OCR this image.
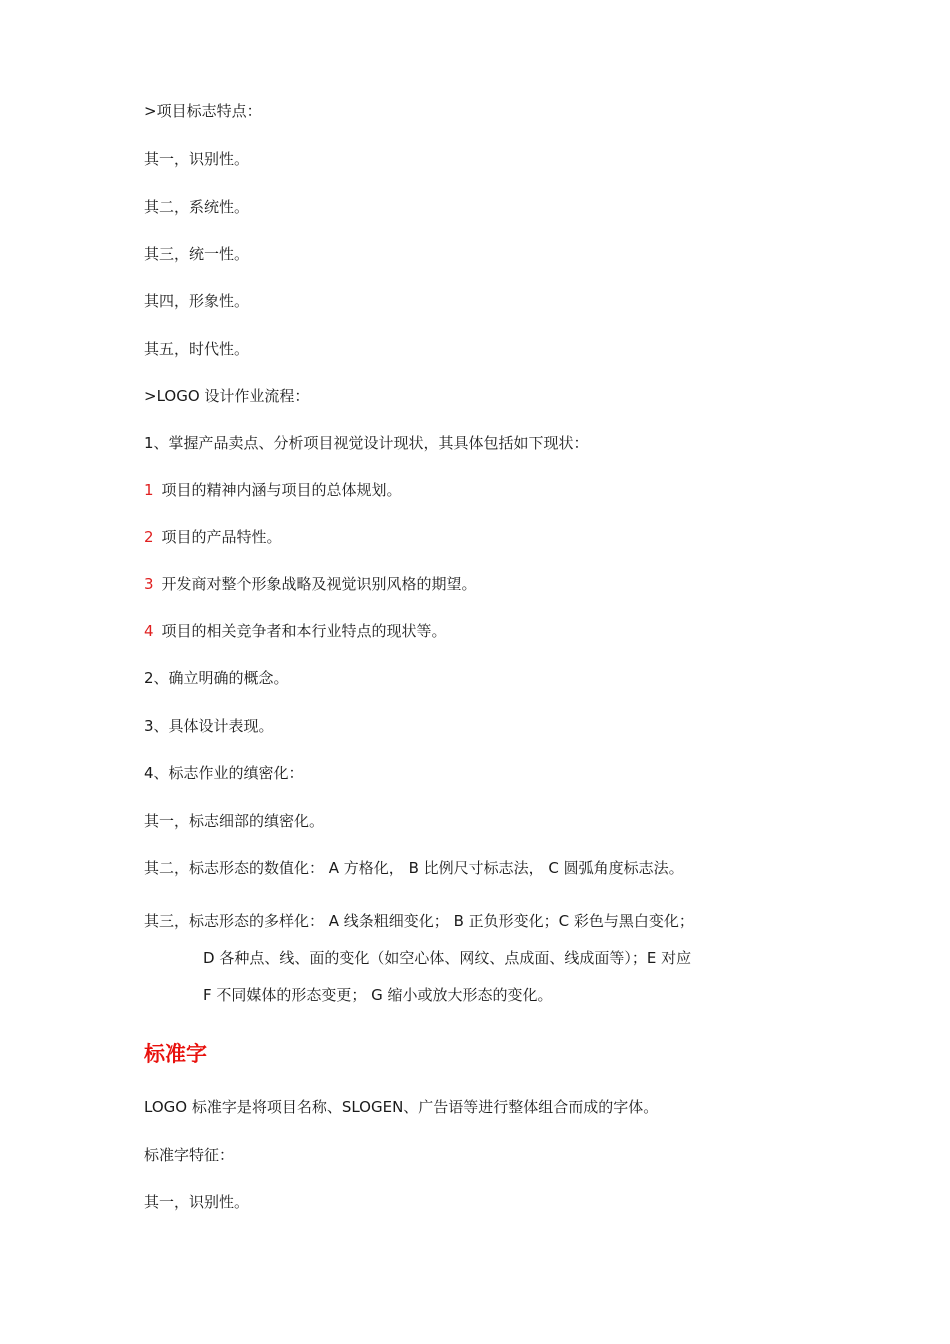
>项目标志特点：
其一，识别性。
其二，系统性。
其三，统一性。
其四，形象性。
其五，时代性。
>LOGO 设计作业流程：
1、掌握产品卖点、分析项目视觉设计现状，其具体包括如下现状：
1 项目的精神内涵与项目的总体规划。
2 项目的产品特性。
3 开发商对整个形象战略及视觉识别风格的期望。
4 项目的相关竞争者和本行业特点的现状等。
2、确立明确的概念。
3、具体设计表现。
4、标志作业的缜密化：
其一，标志细部的缜密化。
其二，标志形态的数值化： A 方格化， B 比例尺寸标志法， C 圆弧角度标志法。
其三，标志形态的多样化： A 线条粗细变化； B 正负形变化；C 彩色与黑白变化；
D 各种点、线、面的变化（如空心体、网纹、点成面、线成面等）；E 对应
F 不同媒体的形态变更； G 缩小或放大形态的变化。
标准字
LOGO 标准字是将项目名称、SLOGEN、广告语等进行整体组合而成的字体。
标准字特征：
其一，识别性。
